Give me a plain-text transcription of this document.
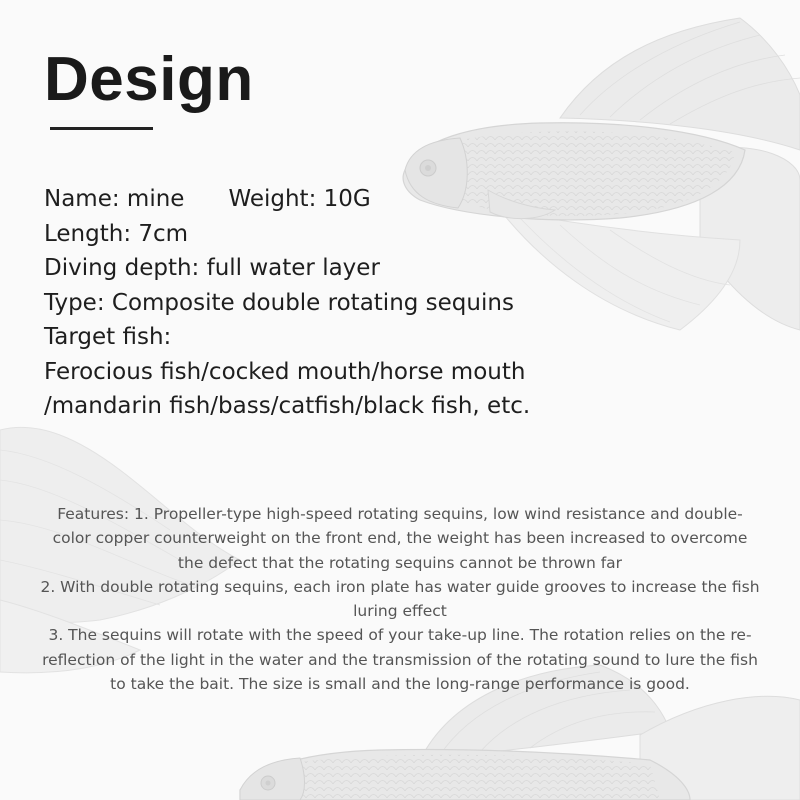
Design
Name: mine Weight: 10G
Length: 7cm
Diving depth: full water layer
Type: Composite double rotating sequins
Target fish:
Ferocious fish/cocked mouth/horse mouth
/mandarin fish/bass/catfish/black fish, etc.
Features: 1. Propeller-type high-speed rotating sequins, low wind resistance and double-color copper counterweight on the front end, the weight has been increased to overcome the defect that the rotating sequins cannot be thrown far
2. With double rotating sequins, each iron plate has water guide grooves to increase the fish luring effect
3. The sequins will rotate with the speed of your take-up line. The rotation relies on the re-reflection of the light in the water and the transmission of the rotating sound to lure the fish to take the bait. The size is small and the long-range performance is good.
